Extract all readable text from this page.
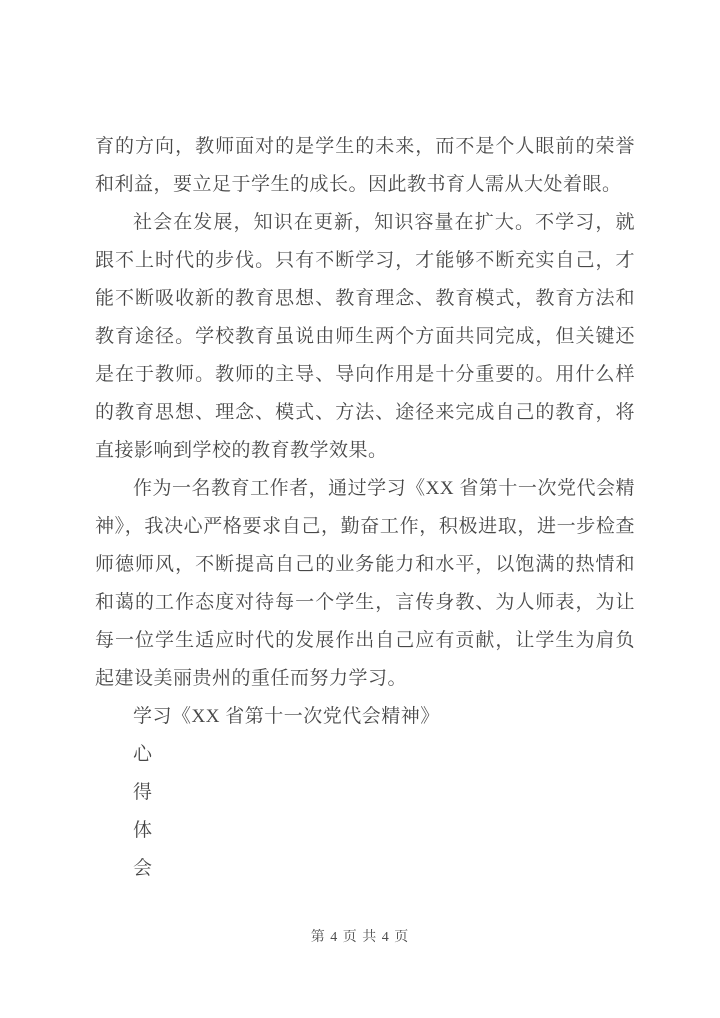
育的方向，教师面对的是学生的未来，而不是个人眼前的荣誉和利益，要立足于学生的成长。因此教书育人需从大处着眼。

社会在发展，知识在更新，知识容量在扩大。不学习，就跟不上时代的步伐。只有不断学习，才能够不断充实自己，才能不断吸收新的教育思想、教育理念、教育模式，教育方法和教育途径。学校教育虽说由师生两个方面共同完成，但关键还是在于教师。教师的主导、导向作用是十分重要的。用什么样的教育思想、理念、模式、方法、途径来完成自己的教育，将直接影响到学校的教育教学效果。

作为一名教育工作者，通过学习《XX 省第十一次党代会精神》，我决心严格要求自己，勤奋工作，积极进取，进一步检查师德师风，不断提高自己的业务能力和水平，以饱满的热情和和蔼的工作态度对待每一个学生，言传身教、为人师表，为让每一位学生适应时代的发展作出自己应有贡献，让学生为肩负起建设美丽贵州的重任而努力学习。

学习《XX 省第十一次党代会精神》

心

得

体

会

第 4 页 共 4 页
